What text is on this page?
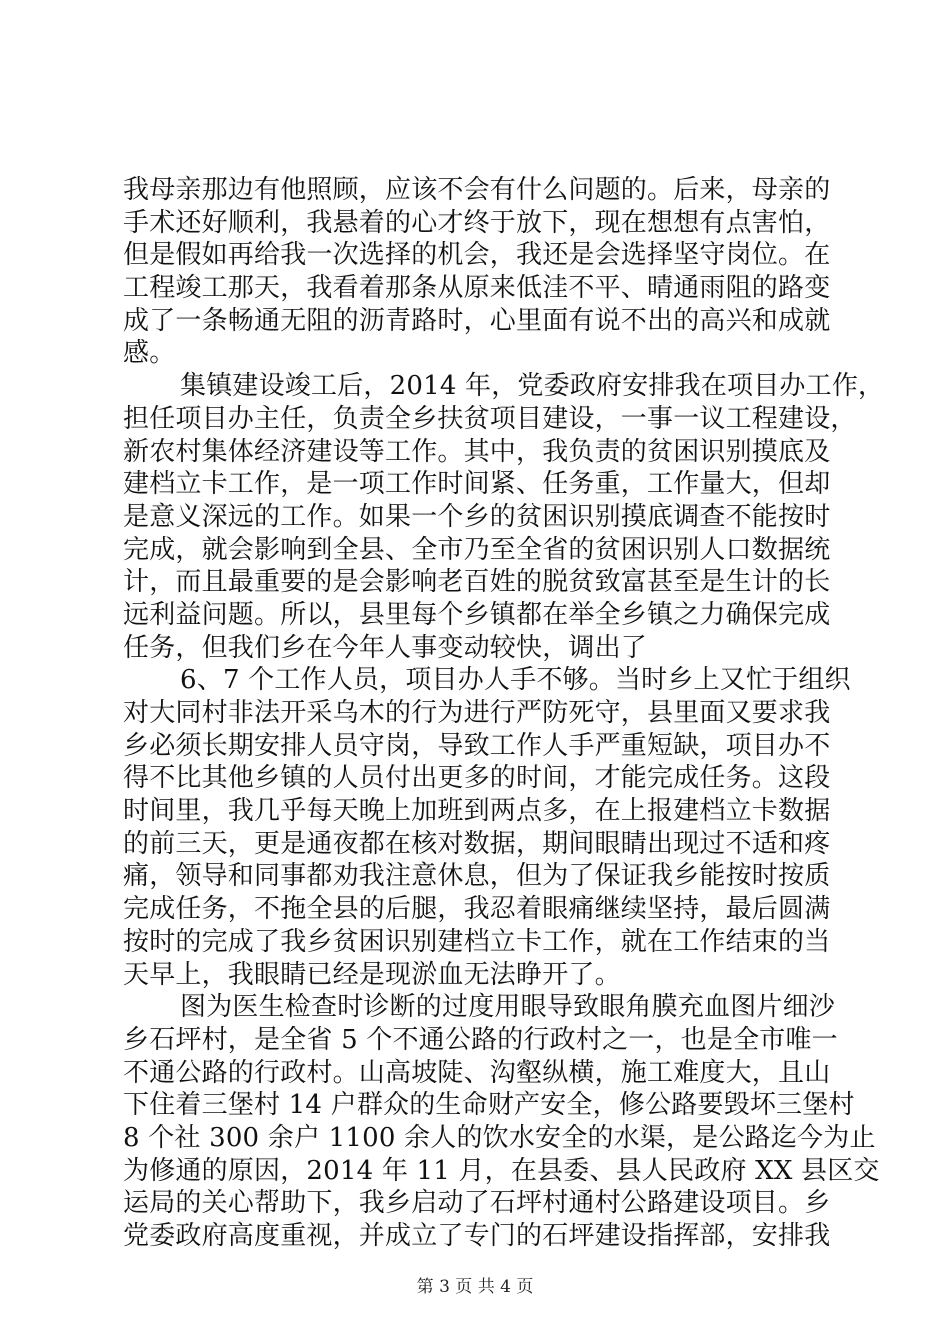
我母亲那边有他照顾，应该不会有什么问题的。后来，母亲的
手术还好顺利，我悬着的心才终于放下，现在想想有点害怕，
但是假如再给我一次选择的机会，我还是会选择坚守岗位。在
工程竣工那天，我看着那条从原来低洼不平、晴通雨阻的路变
成了一条畅通无阻的沥青路时，心里面有说不出的高兴和成就
感。
集镇建设竣工后，2014 年，党委政府安排我在项目办工作，
担任项目办主任，负责全乡扶贫项目建设，一事一议工程建设，
新农村集体经济建设等工作。其中，我负责的贫困识别摸底及
建档立卡工作，是一项工作时间紧、任务重，工作量大，但却
是意义深远的工作。如果一个乡的贫困识别摸底调查不能按时
完成，就会影响到全县、全市乃至全省的贫困识别人口数据统
计，而且最重要的是会影响老百姓的脱贫致富甚至是生计的长
远利益问题。所以，县里每个乡镇都在举全乡镇之力确保完成
任务，但我们乡在今年人事变动较快，调出了
6、7 个工作人员，项目办人手不够。当时乡上又忙于组织
对大同村非法开采乌木的行为进行严防死守，县里面又要求我
乡必须长期安排人员守岗，导致工作人手严重短缺，项目办不
得不比其他乡镇的人员付出更多的时间，才能完成任务。这段
时间里，我几乎每天晚上加班到两点多，在上报建档立卡数据
的前三天，更是通夜都在核对数据，期间眼睛出现过不适和疼
痛，领导和同事都劝我注意休息，但为了保证我乡能按时按质
完成任务，不拖全县的后腿，我忍着眼痛继续坚持，最后圆满
按时的完成了我乡贫困识别建档立卡工作，就在工作结束的当
天早上，我眼睛已经是现淤血无法睁开了。
图为医生检查时诊断的过度用眼导致眼角膜充血图片细沙
乡石坪村，是全省 5 个不通公路的行政村之一，也是全市唯一
不通公路的行政村。山高坡陡、沟壑纵横，施工难度大，且山
下住着三堡村 14 户群众的生命财产安全，修公路要毁坏三堡村
8 个社 300 余户 1100 余人的饮水安全的水渠，是公路迄今为止
为修通的原因，2014 年 11 月，在县委、县人民政府 XX 县区交
运局的关心帮助下，我乡启动了石坪村通村公路建设项目。乡
党委政府高度重视，并成立了专门的石坪建设指挥部，安排我
第 3 页 共 4 页
